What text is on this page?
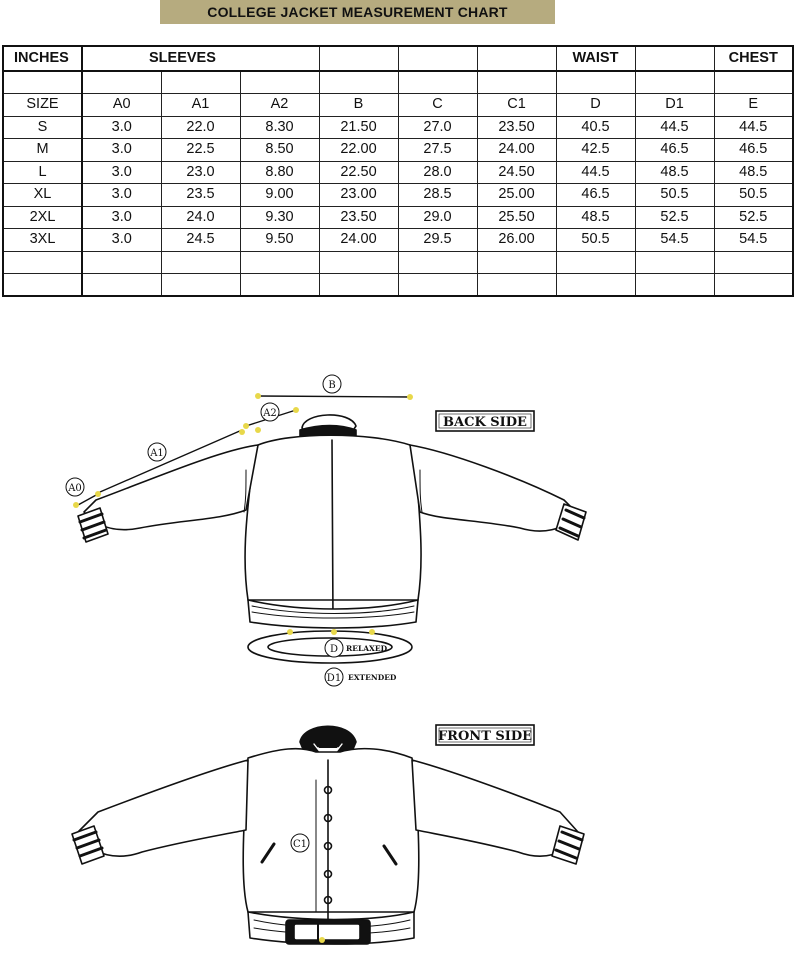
COLLEGE JACKET MEASUREMENT CHART
INCHES	SLEEVES						WAIST		CHEST

SIZE	A0	A1	A2	B	C	C1	D	D1	E
S	3.0	22.0	8.30	21.50	27.0	23.50	40.5	44.5	44.5
M	3.0	22.5	8.50	22.00	27.5	24.00	42.5	46.5	46.5
L	3.0	23.0	8.80	22.50	28.0	24.50	44.5	48.5	48.5
XL	3.0	23.5	9.00	23.00	28.5	25.00	46.5	50.5	50.5
2XL	3.0	24.0	9.30	23.50	29.0	25.50	48.5	52.5	52.5
3XL	3.0	24.5	9.50	24.00	29.5	26.00	50.5	54.5	54.5

B
A2
A1
A0
D
D1
C1
RELAXED
EXTENDED
BACK SIDE
FRONT SIDE
